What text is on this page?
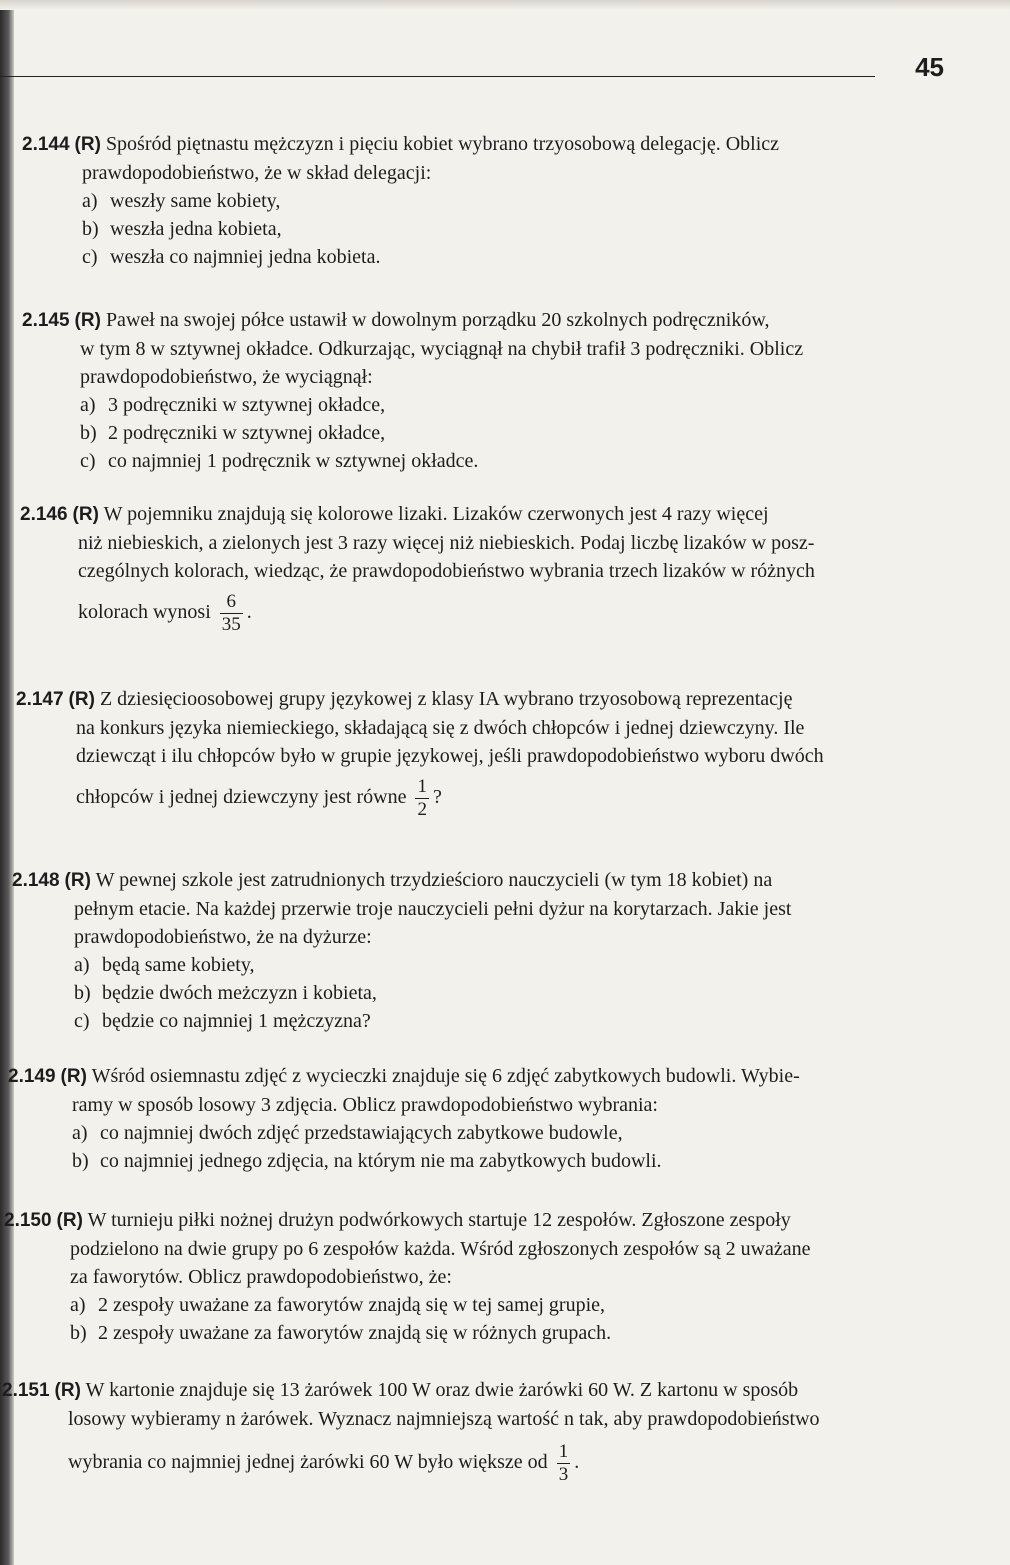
45

2.144 (R) Spośród piętnastu mężczyzn i pięciu kobiet wybrano trzyosobową delegację. Oblicz

prawdopodobieństwo, że w skład delegacji:

a) weszły same kobiety,
b) weszła jedna kobieta,
c) weszła co najmniej jedna kobieta.

2.145 (R) Paweł na swojej półce ustawił w dowolnym porządku 20 szkolnych podręczników,

w tym 8 w sztywnej okładce. Odkurzając, wyciągnął na chybił trafił 3 podręczniki. Oblicz

prawdopodobieństwo, że wyciągnął:

a) 3 podręczniki w sztywnej okładce,
b) 2 podręczniki w sztywnej okładce,
c) co najmniej 1 podręcznik w sztywnej okładce.

2.146 (R) W pojemniku znajdują się kolorowe lizaki. Lizaków czerwonych jest 4 razy więcej

niż niebieskich, a zielonych jest 3 razy więcej niż niebieskich. Podaj liczbę lizaków w posz-

czególnych kolorach, wiedząc, że prawdopodobieństwo wybrania trzech lizaków w różnych

kolorach wynosi $\frac{6}{35}$ .

2.147 (R) Z dziesięcioosobowej grupy językowej z klasy IA wybrano trzyosobową reprezentację

na konkurs języka niemieckiego, składającą się z dwóch chłopców i jednej dziewczyny. Ile

dziewcząt i ilu chłopców było w grupie językowej, jeśli prawdopodobieństwo wyboru dwóch

chłopców i jednej dziewczyny jest równe $\frac{1}{2}$ ?

2.148 (R) W pewnej szkole jest zatrudnionych trzydzieścioro nauczycieli (w tym 18 kobiet) na

pełnym etacie. Na każdej przerwie troje nauczycieli pełni dyżur na korytarzach. Jakie jest

prawdopodobieństwo, że na dyżurze:

a) będą same kobiety,
b) będzie dwóch meżczyzn i kobieta,
c) będzie co najmniej 1 mężczyzna?

2.149 (R) Wśród osiemnastu zdjęć z wycieczki znajduje się 6 zdjęć zabytkowych budowli. Wybie-

ramy w sposób losowy 3 zdjęcia. Oblicz prawdopodobieństwo wybrania:

a) co najmniej dwóch zdjęć przedstawiających zabytkowe budowle,
b) co najmniej jednego zdjęcia, na którym nie ma zabytkowych budowli.

2.150 (R) W turnieju piłki nożnej drużyn podwórkowych startuje 12 zespołów. Zgłoszone zespoły

podzielono na dwie grupy po 6 zespołów każda. Wśród zgłoszonych zespołów są 2 uważane

za faworytów. Oblicz prawdopodobieństwo, że:

a) 2 zespoły uważane za faworytów znajdą się w tej samej grupie,
b) 2 zespoły uważane za faworytów znajdą się w różnych grupach.

2.151 (R) W kartonie znajduje się 13 żarówek 100 W oraz dwie żarówki 60 W. Z kartonu w sposób

losowy wybieramy n żarówek. Wyznacz najmniejszą wartość n tak, aby prawdopodobieństwo

wybrania co najmniej jednej żarówki 60 W było większe od $\frac{1}{3}$ .
